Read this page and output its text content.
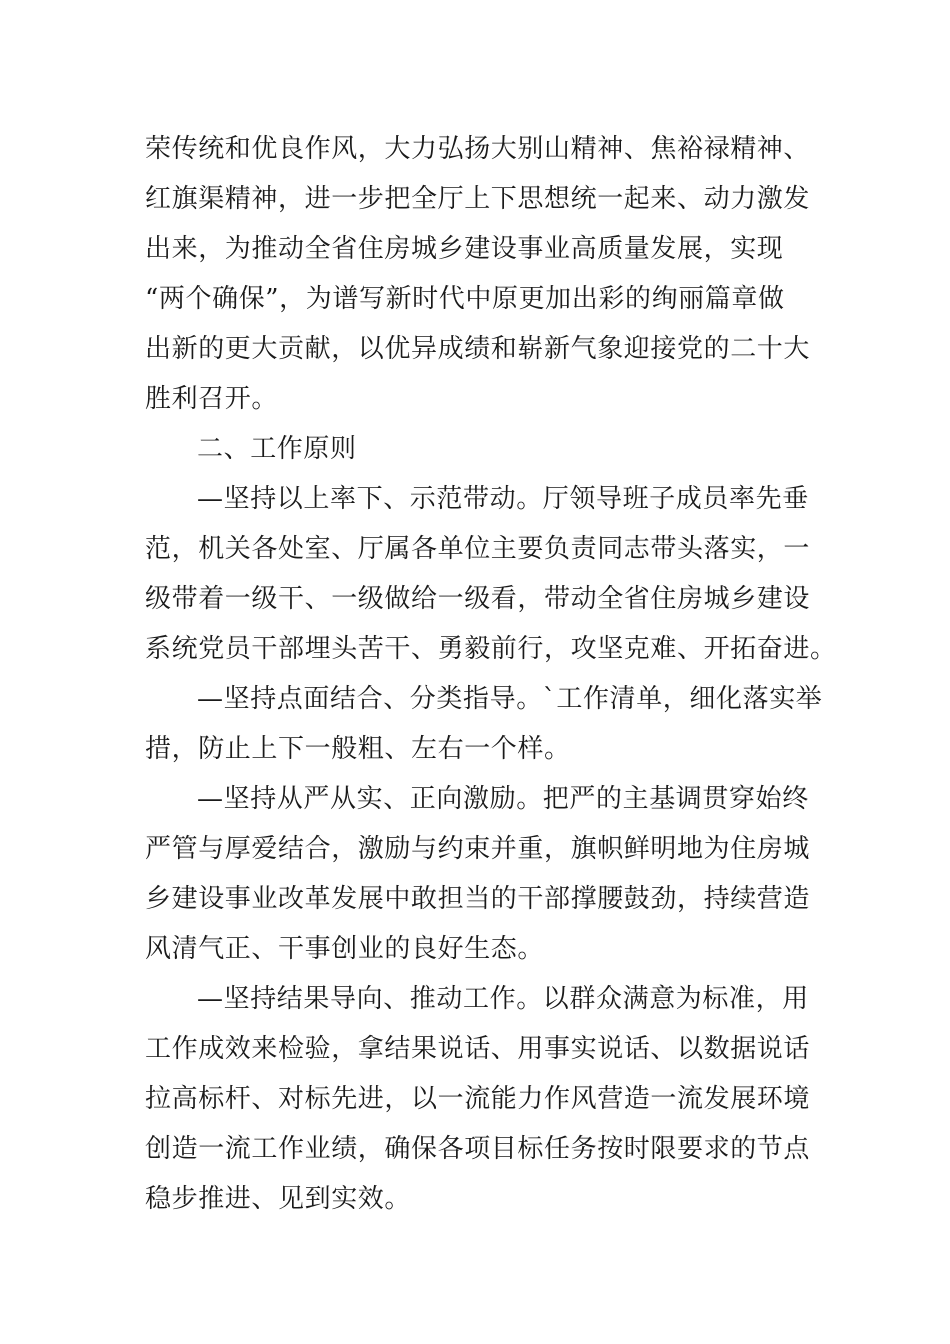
荣传统和优良作风，大力弘扬大别山精神、焦裕禄精神、
红旗渠精神，进一步把全厅上下思想统一起来、动力激发
出来，为推动全省住房城乡建设事业高质量发展，实现
“两个确保”，为谱写新时代中原更加出彩的绚丽篇章做
出新的更大贡献，以优异成绩和崭新气象迎接党的二十大
胜利召开。
二、工作原则
—坚持以上率下、示范带动。厅领导班子成员率先垂
范，机关各处室、厅属各单位主要负责同志带头落实，一
级带着一级干、一级做给一级看，带动全省住房城乡建设
系统党员干部埋头苦干、勇毅前行，攻坚克难、开拓奋进。
—坚持点面结合、分类指导。`工作清单，细化落实举
措，防止上下一般粗、左右一个样。
—坚持从严从实、正向激励。把严的主基调贯穿始终
严管与厚爱结合，激励与约束并重，旗帜鲜明地为住房城
乡建设事业改革发展中敢担当的干部撑腰鼓劲，持续营造
风清气正、干事创业的良好生态。
—坚持结果导向、推动工作。以群众满意为标准，用
工作成效来检验，拿结果说话、用事实说话、以数据说话
拉高标杆、对标先进，以一流能力作风营造一流发展环境
创造一流工作业绩，确保各项目标任务按时限要求的节点
稳步推进、见到实效。
